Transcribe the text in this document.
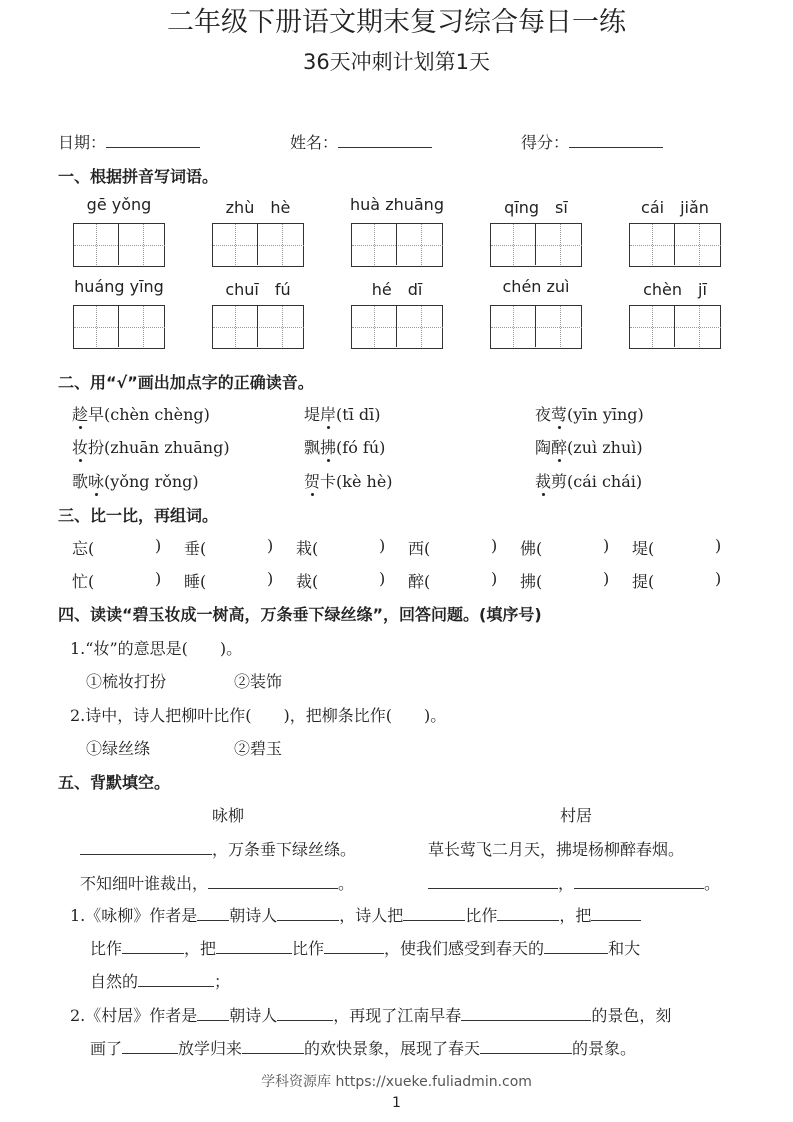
二年级下册语文期末复习综合每日一练
36天冲刺计划第1天
日期：	姓名：	得分：
一、根据拼音写词语。
gē yǒng	zhù　hè	huà zhuāng	qīng　sī	cái　jiǎn
huáng yīng	chuī　fú	hé　dī	chén zuì	chèn　jī
二、用“√”画出加点字的正确读音。
趁早(chèn chèng)	堤岸(tī dī)	夜莺(yīn yīng)
妆扮(zhuān zhuāng)	飘拂(fó fú)	陶醉(zuì zhuì)
歌咏(yǒng rǒng)	贺卡(kè hè)	裁剪(cái chái)
三、比一比，再组词。
忘(	) 垂(	) 栽(	) 西(	) 佛(	) 堤(	)
忙(	) 睡(	) 裁(	) 醉(	) 拂(	) 提(	)
四、读读“碧玉妆成一树高，万条垂下绿丝绦”，回答问题。(填序号)
1.“妆”的意思是(　　)。
①梳妆打扮	②装饰
2.诗中，诗人把柳叶比作(　　)，把柳条比作(　　)。
①绿丝绦	②碧玉
五、背默填空。
咏柳	村居
，万条垂下绿丝绦。	草长莺飞二月天，拂堤杨柳醉春烟。
不知细叶谁裁出，	。	，	。
1.《咏柳》作者是 朝诗人	，诗人把	比作	，把
比作	，把	比作	，使我们感受到春天的	和大
自然的	；
2.《村居》作者是 朝诗人	，再现了江南早春	的景色，刻
画了	放学归来	的欢快景象，展现了春天	的景象。
学科资源库 https://xueke.fuliadmin.com
1
